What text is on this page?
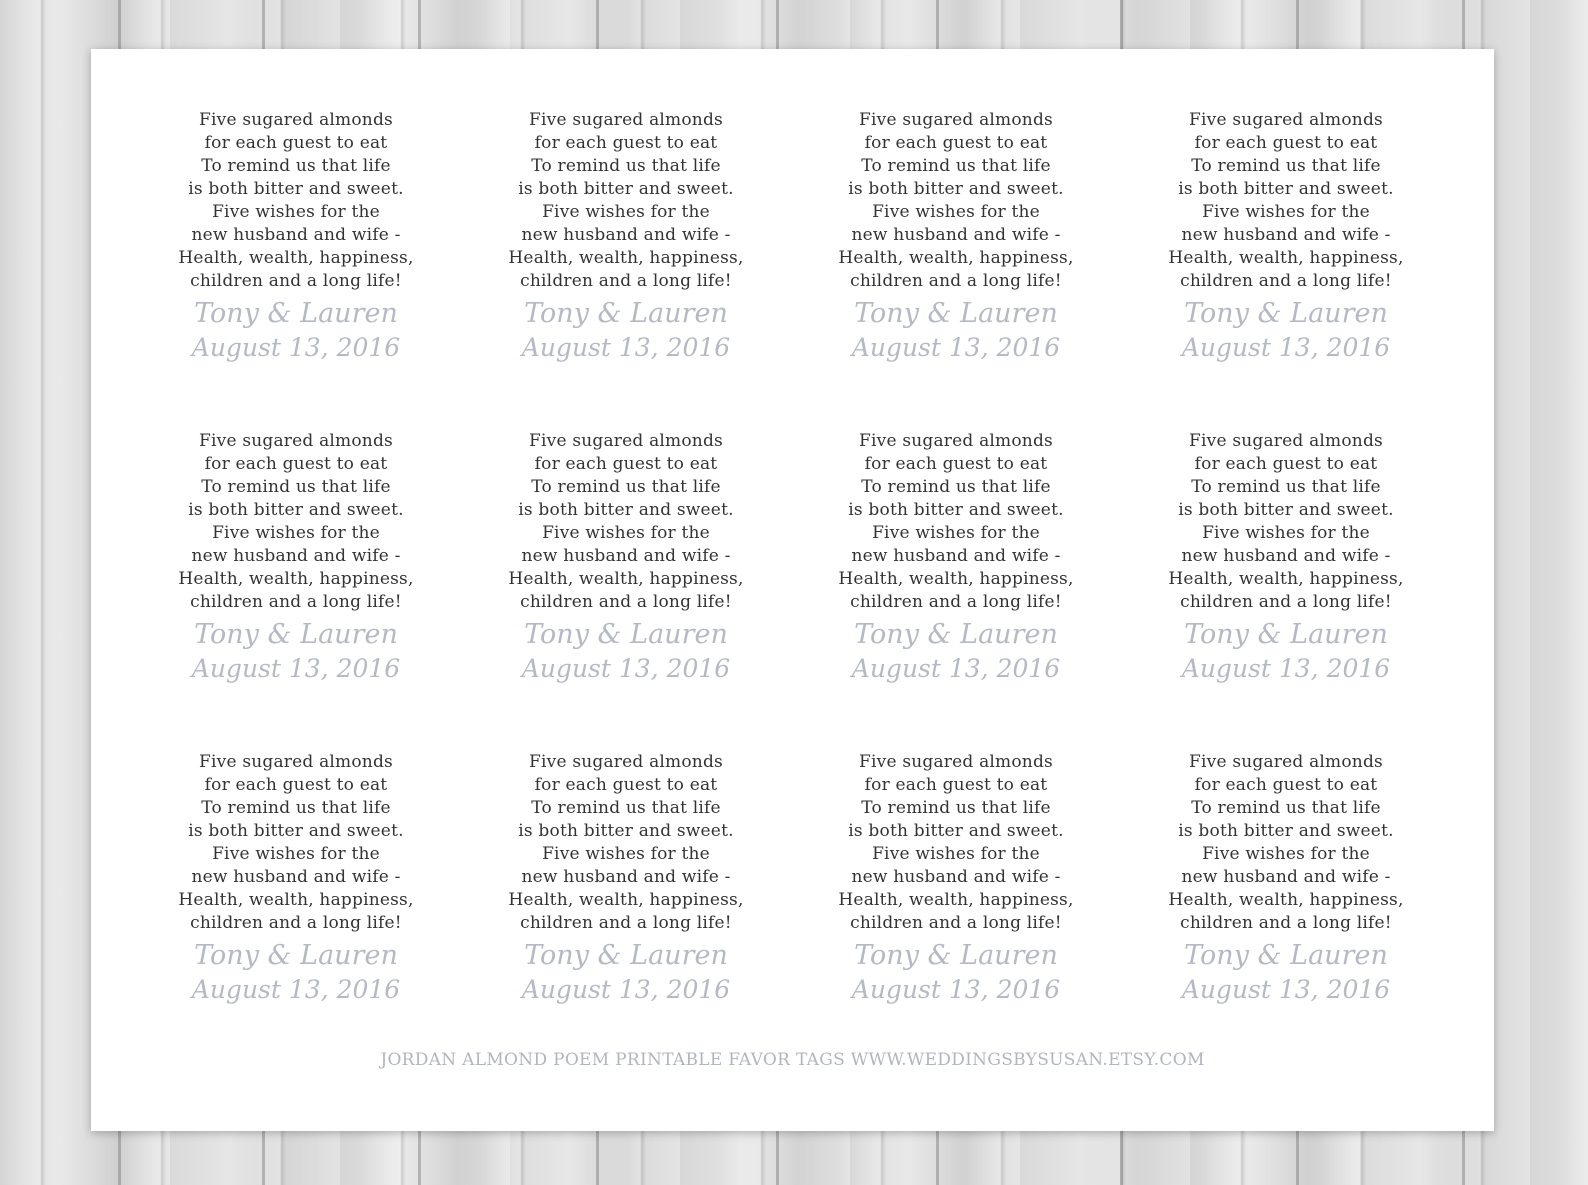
Five sugared almonds
for each guest to eat
To remind us that life
is both bitter and sweet.
Five wishes for the
new husband and wife -
Health, wealth, happiness,
children and a long life!
Tony & Lauren
August 13, 2016
Five sugared almonds
for each guest to eat
To remind us that life
is both bitter and sweet.
Five wishes for the
new husband and wife -
Health, wealth, happiness,
children and a long life!
Tony & Lauren
August 13, 2016
Five sugared almonds
for each guest to eat
To remind us that life
is both bitter and sweet.
Five wishes for the
new husband and wife -
Health, wealth, happiness,
children and a long life!
Tony & Lauren
August 13, 2016
Five sugared almonds
for each guest to eat
To remind us that life
is both bitter and sweet.
Five wishes for the
new husband and wife -
Health, wealth, happiness,
children and a long life!
Tony & Lauren
August 13, 2016
Five sugared almonds
for each guest to eat
To remind us that life
is both bitter and sweet.
Five wishes for the
new husband and wife -
Health, wealth, happiness,
children and a long life!
Tony & Lauren
August 13, 2016
Five sugared almonds
for each guest to eat
To remind us that life
is both bitter and sweet.
Five wishes for the
new husband and wife -
Health, wealth, happiness,
children and a long life!
Tony & Lauren
August 13, 2016
Five sugared almonds
for each guest to eat
To remind us that life
is both bitter and sweet.
Five wishes for the
new husband and wife -
Health, wealth, happiness,
children and a long life!
Tony & Lauren
August 13, 2016
Five sugared almonds
for each guest to eat
To remind us that life
is both bitter and sweet.
Five wishes for the
new husband and wife -
Health, wealth, happiness,
children and a long life!
Tony & Lauren
August 13, 2016
Five sugared almonds
for each guest to eat
To remind us that life
is both bitter and sweet.
Five wishes for the
new husband and wife -
Health, wealth, happiness,
children and a long life!
Tony & Lauren
August 13, 2016
Five sugared almonds
for each guest to eat
To remind us that life
is both bitter and sweet.
Five wishes for the
new husband and wife -
Health, wealth, happiness,
children and a long life!
Tony & Lauren
August 13, 2016
Five sugared almonds
for each guest to eat
To remind us that life
is both bitter and sweet.
Five wishes for the
new husband and wife -
Health, wealth, happiness,
children and a long life!
Tony & Lauren
August 13, 2016
Five sugared almonds
for each guest to eat
To remind us that life
is both bitter and sweet.
Five wishes for the
new husband and wife -
Health, wealth, happiness,
children and a long life!
Tony & Lauren
August 13, 2016
JORDAN ALMOND POEM PRINTABLE FAVOR TAGS WWW.WEDDINGSBYSUSAN.ETSY.COM
